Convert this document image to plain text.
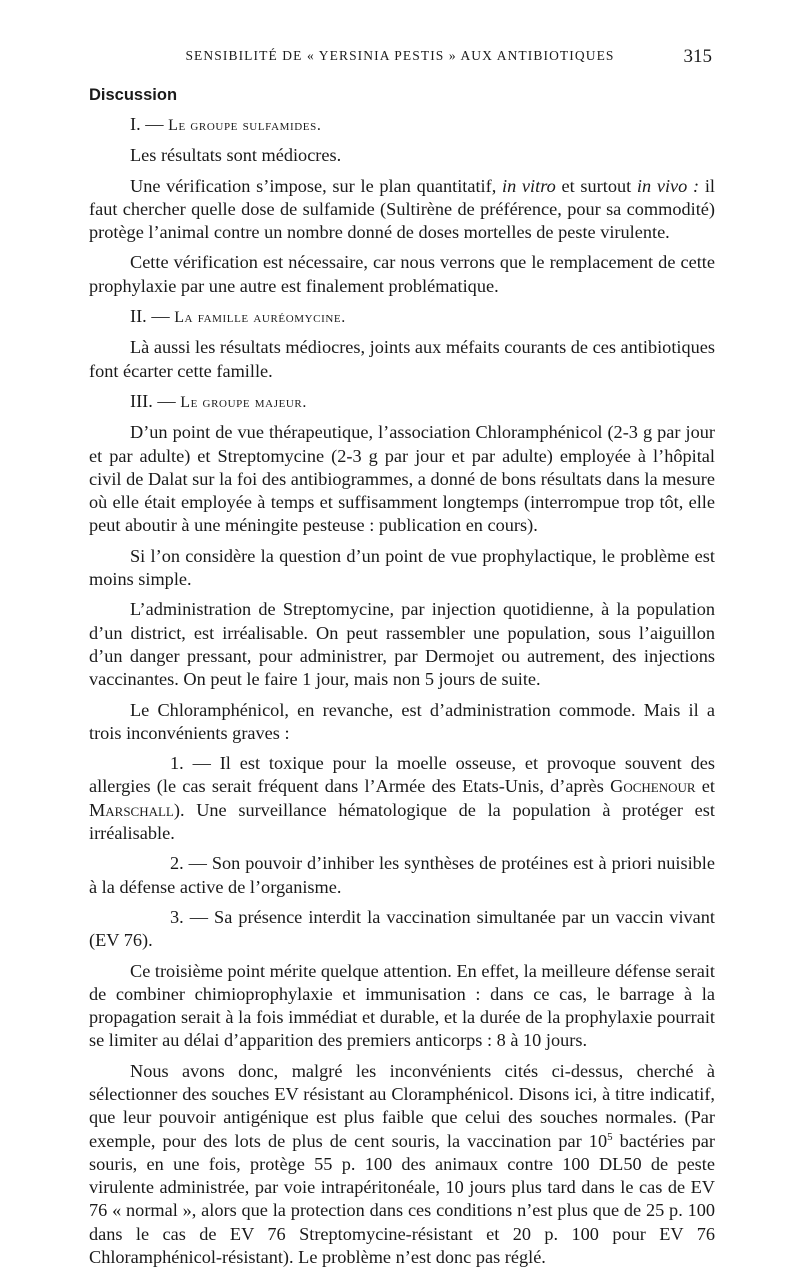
SENSIBILITÉ DE « YERSINIA PESTIS » AUX ANTIBIOTIQUES	315
Discussion

I. — Le groupe sulfamides.

Les résultats sont médiocres.

Une vérification s’impose, sur le plan quantitatif, in vitro et surtout in vivo : il faut chercher quelle dose de sulfamide (Sultirène de préférence, pour sa commodité) protège l’animal contre un nombre donné de doses mortelles de peste virulente.

Cette vérification est nécessaire, car nous verrons que le remplacement de cette prophylaxie par une autre est finalement problématique.

II. — La famille auréomycine.

Là aussi les résultats médiocres, joints aux méfaits courants de ces antibiotiques font écarter cette famille.

III. — Le groupe majeur.

D’un point de vue thérapeutique, l’association Chloramphénicol (2-3 g par jour et par adulte) et Streptomycine (2-3 g par jour et par adulte) employée à l’hôpital civil de Dalat sur la foi des antibiogrammes, a donné de bons résultats dans la mesure où elle était employée à temps et suffisamment longtemps (interrompue trop tôt, elle peut aboutir à une méningite pesteuse : publication en cours).

Si l’on considère la question d’un point de vue prophylactique, le problème est moins simple.

L’administration de Streptomycine, par injection quotidienne, à la population d’un district, est irréalisable. On peut rassembler une population, sous l’aiguillon d’un danger pressant, pour administrer, par Dermojet ou autrement, des injections vaccinantes. On peut le faire 1 jour, mais non 5 jours de suite.

Le Chloramphénicol, en revanche, est d’administration commode. Mais il a trois inconvénients graves :

1. — Il est toxique pour la moelle osseuse, et provoque souvent des allergies (le cas serait fréquent dans l’Armée des Etats-Unis, d’après Gochenour et Marschall). Une surveillance hématologique de la population à protéger est irréalisable.

2. — Son pouvoir d’inhiber les synthèses de protéines est à priori nuisible à la défense active de l’organisme.

3. — Sa présence interdit la vaccination simultanée par un vaccin vivant (EV 76).

Ce troisième point mérite quelque attention. En effet, la meilleure défense serait de combiner chimioprophylaxie et immunisation : dans ce cas, le barrage à la propagation serait à la fois immédiat et durable, et la durée de la prophylaxie pourrait se limiter au délai d’apparition des premiers anticorps : 8 à 10 jours.

Nous avons donc, malgré les inconvénients cités ci-dessus, cherché à sélectionner des souches EV résistant au Cloramphénicol. Disons ici, à titre indicatif, que leur pouvoir antigénique est plus faible que celui des souches normales. (Par exemple, pour des lots de plus de cent souris, la vaccination par $10^5$ bactéries par souris, en une fois, protège 55 p. 100 des animaux contre 100 DL50 de peste virulente administrée, par voie intrapéritonéale, 10 jours plus tard dans le cas de EV 76 « normal », alors que la protection dans ces conditions n’est plus que de 25 p. 100 dans le cas de EV 76 Streptomycine-résistant et 20 p. 100 pour EV 76 Chloramphénicol-résistant). Le problème n’est donc pas réglé.
